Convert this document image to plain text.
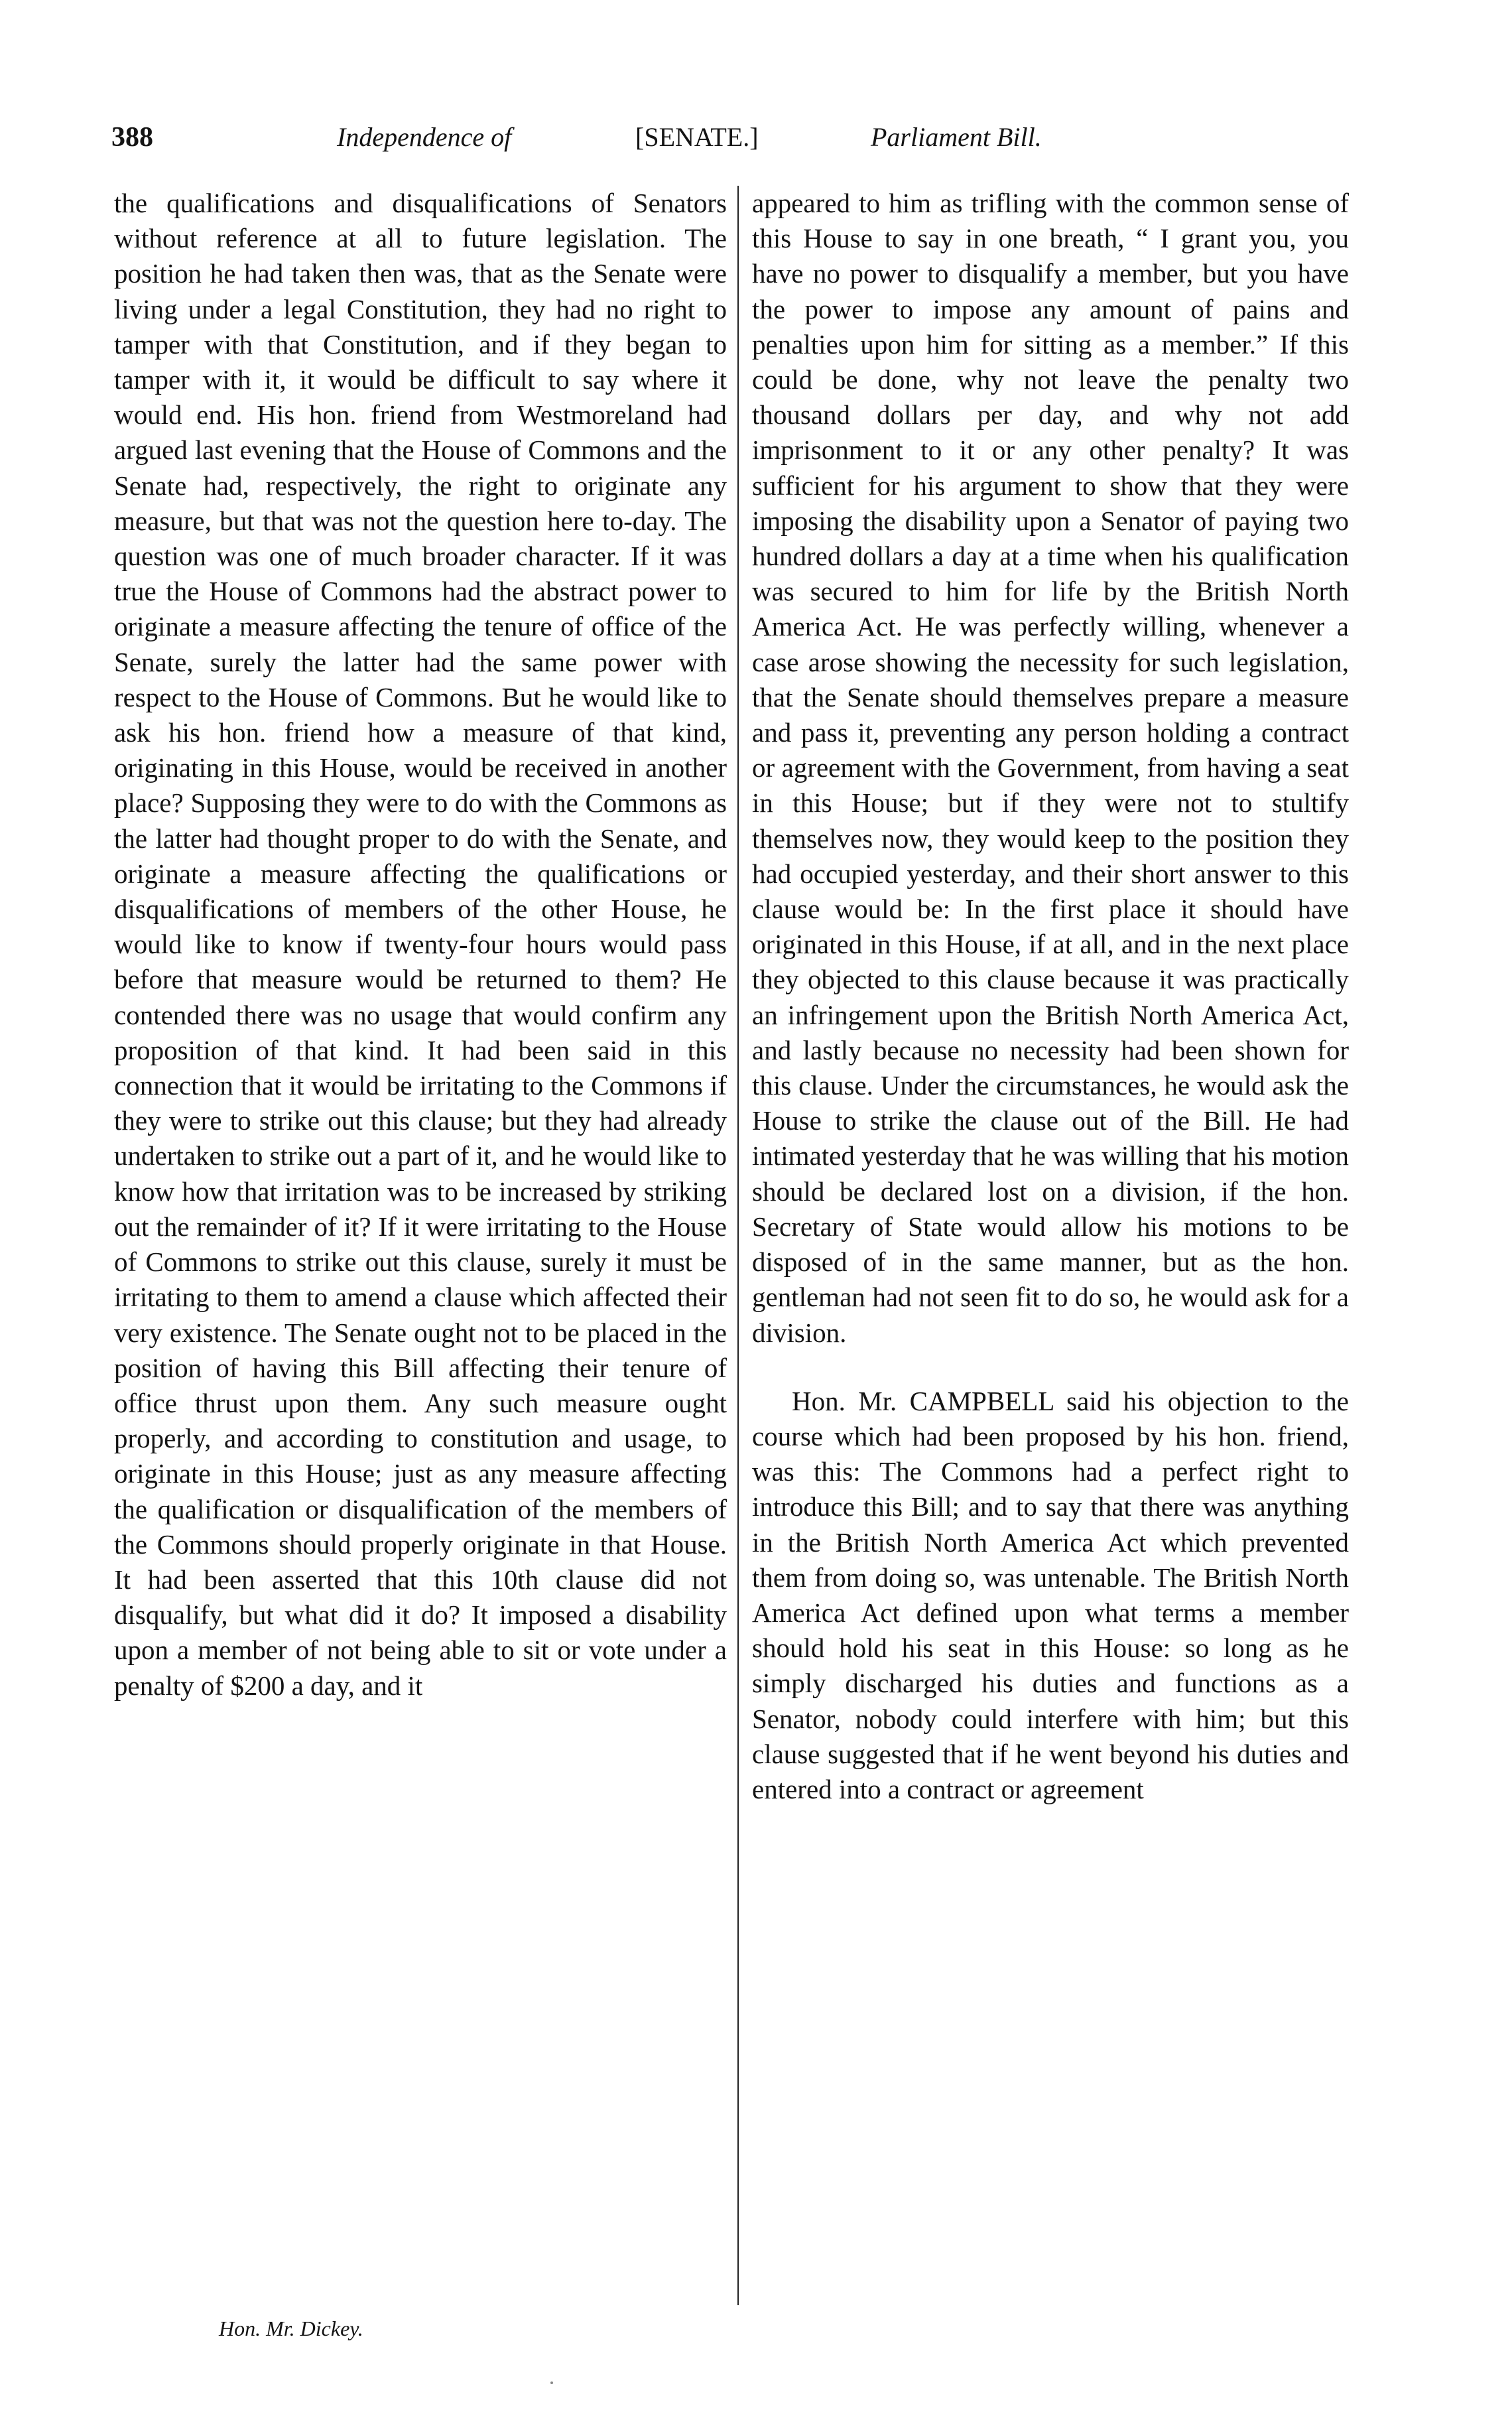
388	Independence of	[SENATE.]	Parliament Bill.

the qualifications and disqualifications of Senators without reference at all to future legislation. The position he had taken then was, that as the Senate were living under a legal Constitution, they had no right to tamper with that Constitution, and if they began to tamper with it, it would be difficult to say where it would end. His hon. friend from Westmoreland had argued last evening that the House of Commons and the Senate had, respectively, the right to originate any measure, but that was not the question here to-day. The question was one of much broader character. If it was true the House of Commons had the abstract power to originate a measure affecting the tenure of office of the Senate, surely the latter had the same power with respect to the House of Commons. But he would like to ask his hon. friend how a measure of that kind, originating in this House, would be received in another place? Supposing they were to do with the Commons as the latter had thought proper to do with the Senate, and originate a measure affecting the qualifications or disqualifications of members of the other House, he would like to know if twenty-four hours would pass before that measure would be returned to them? He contended there was no usage that would confirm any proposition of that kind. It had been said in this connection that it would be irritating to the Commons if they were to strike out this clause; but they had already undertaken to strike out a part of it, and he would like to know how that irritation was to be increased by striking out the remainder of it? If it were irritating to the House of Commons to strike out this clause, surely it must be irritating to them to amend a clause which affected their very existence. The Senate ought not to be placed in the position of having this Bill affecting their tenure of office thrust upon them. Any such measure ought properly, and according to constitution and usage, to originate in this House; just as any measure affecting the qualification or disqualification of the members of the Commons should properly originate in that House. It had been asserted that this 10th clause did not disqualify, but what did it do? It imposed a disability upon a member of not being able to sit or vote under a penalty of $200 a day, and it

appeared to him as trifling with the common sense of this House to say in one breath, “ I grant you, you have no power to disqualify a member, but you have the power to impose any amount of pains and penalties upon him for sitting as a member.” If this could be done, why not leave the penalty two thousand dollars per day, and why not add imprisonment to it or any other penalty? It was sufficient for his argument to show that they were imposing the disability upon a Senator of paying two hundred dollars a day at a time when his qualification was secured to him for life by the British North America Act. He was perfectly willing, whenever a case arose showing the necessity for such legislation, that the Senate should themselves prepare a measure and pass it, preventing any person holding a contract or agreement with the Government, from having a seat in this House; but if they were not to stultify themselves now, they would keep to the position they had occupied yesterday, and their short answer to this clause would be: In the first place it should have originated in this House, if at all, and in the next place they objected to this clause because it was practically an infringement upon the British North America Act, and lastly because no necessity had been shown for this clause. Under the circumstances, he would ask the House to strike the clause out of the Bill. He had intimated yesterday that he was willing that his motion should be declared lost on a division, if the hon. Secretary of State would allow his motions to be disposed of in the same manner, but as the hon. gentleman had not seen fit to do so, he would ask for a division.

Hon. Mr. CAMPBELL said his objection to the course which had been proposed by his hon. friend, was this: The Commons had a perfect right to introduce this Bill; and to say that there was anything in the British North America Act which prevented them from doing so, was untenable. The British North America Act defined upon what terms a member should hold his seat in this House: so long as he simply discharged his duties and functions as a Senator, nobody could interfere with him; but this clause suggested that if he went beyond his duties and entered into a contract or agreement

Hon. Mr. Dickey.
